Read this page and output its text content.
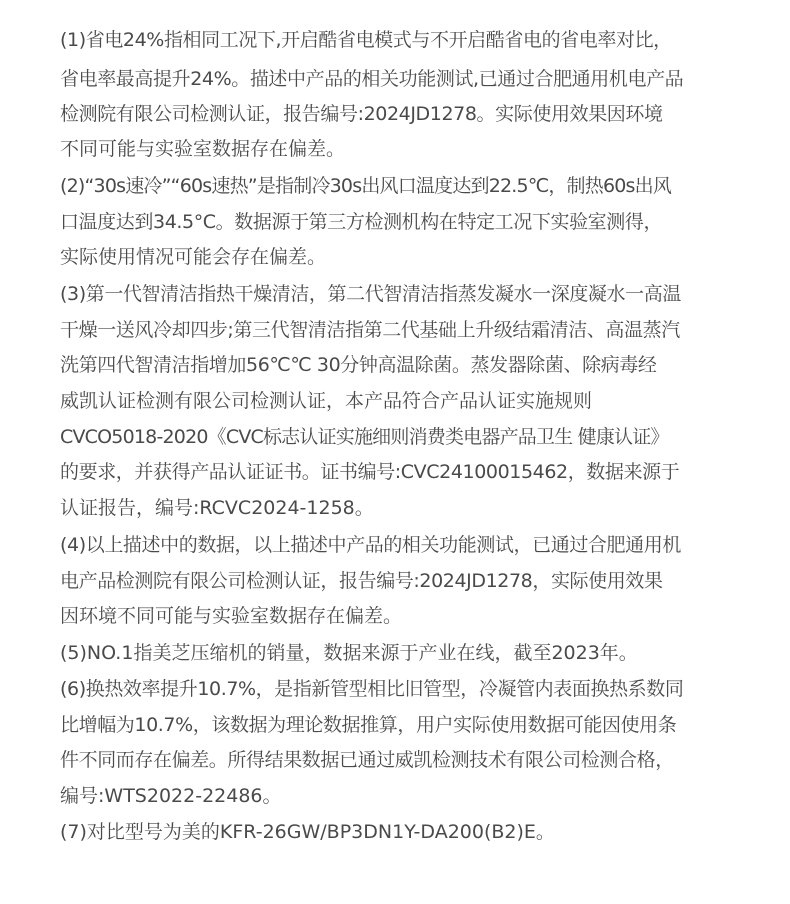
(1)省电24%指相同工况下,开启酷省电模式与不开启酷省电的省电率对比，
省电率最高提升24%。描述中产品的相关功能测试,已通过合肥通用机电产品
检测院有限公司检测认证，报告编号:2024JD1278。实际使用效果因环境
不同可能与实验室数据存在偏差。
(2)“30s速冷”“60s速热”是指制冷30s出风口温度达到22.5℃，制热60s出风
口温度达到34.5°C。数据源于第三方检测机构在特定工况下实验室测得，
实际使用情况可能会存在偏差。
(3)第一代智清洁指热干燥清洁，第二代智清洁指蒸发凝水一深度凝水一高温
干燥一送风冷却四步;第三代智清洁指第二代基础上升级结霜清洁、高温蒸汽
洗第四代智清洁指增加56℃℃ 30分钟高温除菌。蒸发器除菌、除病毒经
威凯认证检测有限公司检测认证，本产品符合产品认证实施规则
CVCO5018-2020《CVC标志认证实施细则消费类电器产品卫生 健康认证》
的要求，并获得产品认证证书。证书编号:CVC24100015462，数据来源于
认证报告，编号:RCVC2024-1258。
(4)以上描述中的数据，以上描述中产品的相关功能测试，已通过合肥通用机
电产品检测院有限公司检测认证，报告编号:2024JD1278，实际使用效果
因环境不同可能与实验室数据存在偏差。
(5)NO.1指美芝压缩机的销量，数据来源于产业在线，截至2023年。
(6)换热效率提升10.7%，是指新管型相比旧管型，冷凝管内表面换热系数同
比增幅为10.7%，该数据为理论数据推算，用户实际使用数据可能因使用条
件不同而存在偏差。所得结果数据已通过威凯检测技术有限公司检测合格，
编号:WTS2022-22486。
(7)对比型号为美的KFR-26GW/BP3DN1Y-DA200(B2)E。
